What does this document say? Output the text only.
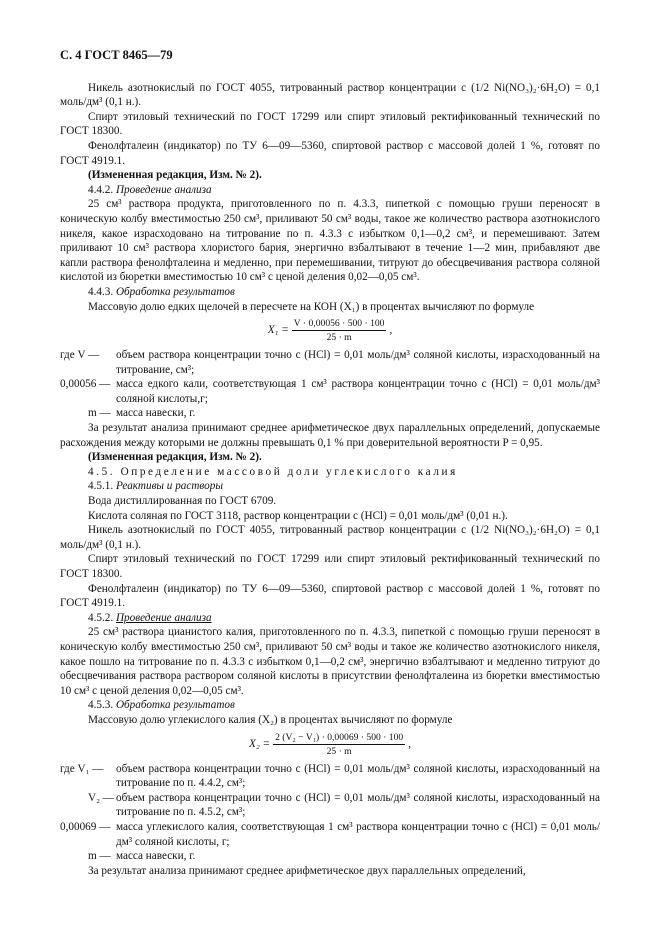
С. 4 ГОСТ 8465—79

Никель азотнокислый по ГОСТ 4055, титрованный раствор концентрации c (1/2 Ni(NO₃)₂·6H₂O) = 0,1 моль/дм³ (0,1 н.).

Спирт этиловый технический по ГОСТ 17299 или спирт этиловый ректификованный технический по ГОСТ 18300.

Фенолфталеин (индикатор) по ТУ 6—09—5360, спиртовой раствор с массовой долей 1 %, готовят по ГОСТ 4919.1.

(Измененная редакция, Изм. № 2).

4.4.2. Проведение анализа

25 см³ раствора продукта, приготовленного по п. 4.3.3, пипеткой с помощью груши переносят в коническую колбу вместимостью 250 см³, приливают 50 см³ воды, такое же количество раствора азотнокислого никеля, какое израсходовано на титрование по п. 4.3.3 с избытком 0,1—0,2 см³, и перемешивают. Затем приливают 10 см³ раствора хлористого бария, энергично взбалтывают в течение 1—2 мин, прибавляют две капли раствора фенолфталеина и медленно, при перемешивании, титруют до обесцвечивания раствора соляной кислотой из бюретки вместимостью 10 см³ с ценой деления 0,02—0,05 см³.

4.4.3. Обработка результатов

Массовую долю едких щелочей в пересчете на КОН (X₁) в процентах вычисляют по формуле

$X_1 = \frac{V \cdot 0,00056 \cdot 500 \cdot 100}{25 \cdot m}$ ,
где V —	объем раствора концентрации точно c (HCl) = 0,01 моль/дм³ соляной кислоты, израсходованный на титрование, см³;
0,00056 — масса едкого кали, соответствующая 1 см³ раствора концентрации точно c (HCl) = 0,01 моль/дм³ соляной кислоты,г;
m — масса навески, г.

За результат анализа принимают среднее арифметическое двух параллельных определений, допускаемые расхождения между которыми не должны превышать 0,1 % при доверительной вероятности P = 0,95.

(Измененная редакция, Изм. № 2).

4.5. Определение массовой доли углекислого калия

4.5.1. Реактивы и растворы

Вода дистиллированная по ГОСТ 6709.

Кислота соляная по ГОСТ 3118, раствор концентрации c (HCl) = 0,01 моль/дм³ (0,01 н.).

Никель азотнокислый по ГОСТ 4055, титрованный раствор концентрации c (1/2 Ni(NO₃)₂·6H₂O) = 0,1 моль/дм³ (0,1 н.).

Спирт этиловый технический по ГОСТ 17299 или спирт этиловый ректификованный технический по ГОСТ 18300.

Фенолфталеин (индикатор) по ТУ 6—09—5360, спиртовой раствор с массовой долей 1 %, готовят по ГОСТ 4919.1.

4.5.2. Проведение анализа

25 см³ раствора цианистого калия, приготовленного по п. 4.3.3, пипеткой с помощью груши переносят в коническую колбу вместимостью 250 см³, приливают 50 см³ воды и такое же количество азотнокислого никеля, какое пошло на титрование по п. 4.3.3 с избытком 0,1—0,2 см³, энергично взбалтывают и медленно титруют до обесцвечивания раствора раствором соляной кислоты в присутствии фенолфталеина из бюретки вместимостью 10 см³ с ценой деления 0,02—0,05 см³.

4.5.3. Обработка результатов

Массовую долю углекислого калия (X₂) в процентах вычисляют по формуле

$X_2 = \frac{\text{2 (V₂ − V₁) · 0,00069 · 500 · 100}}{25 \cdot m}$ ,
где V₁ —	объем раствора концентрации точно c (HCl) = 0,01 моль/дм³ соляной кислоты, израсходованный на титрование по п. 4.4.2, см³;
V₂ — объем раствора концентрации точно c (HCl) = 0,01 моль/дм³ соляной кислоты, израсходованный на титрование по п. 4.5.2, см³;
0,00069 — масса углекислого калия, соответствующая 1 см³ раствора концентрации точно c (HCl) = 0,01 моль/дм³ соляной кислоты, г;
m — масса навески, г.

За результат анализа принимают среднее арифметическое двух параллельных определений,
